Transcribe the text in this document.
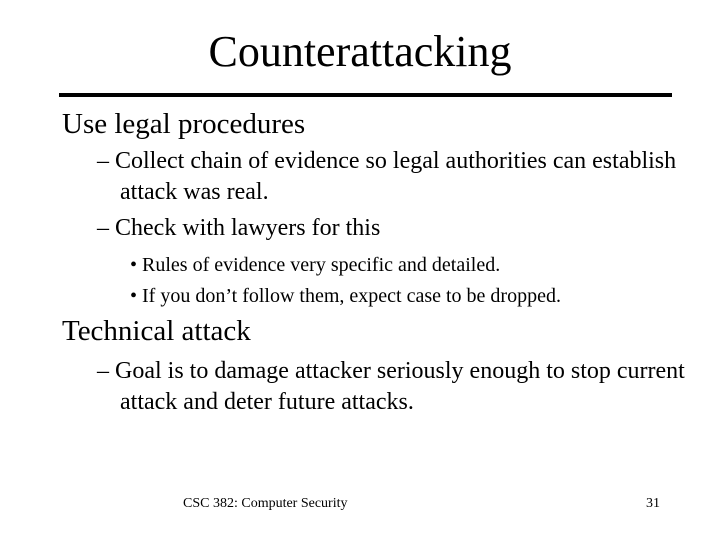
Counterattacking
Use legal procedures

– Collect chain of evidence so legal authorities can establish attack was real.

– Check with lawyers for this

• Rules of evidence very specific and detailed.

• If you don’t follow them, expect case to be dropped.

Technical attack

– Goal is to damage attacker seriously enough to stop current attack and deter future attacks.

CSC 382: Computer Security	31
